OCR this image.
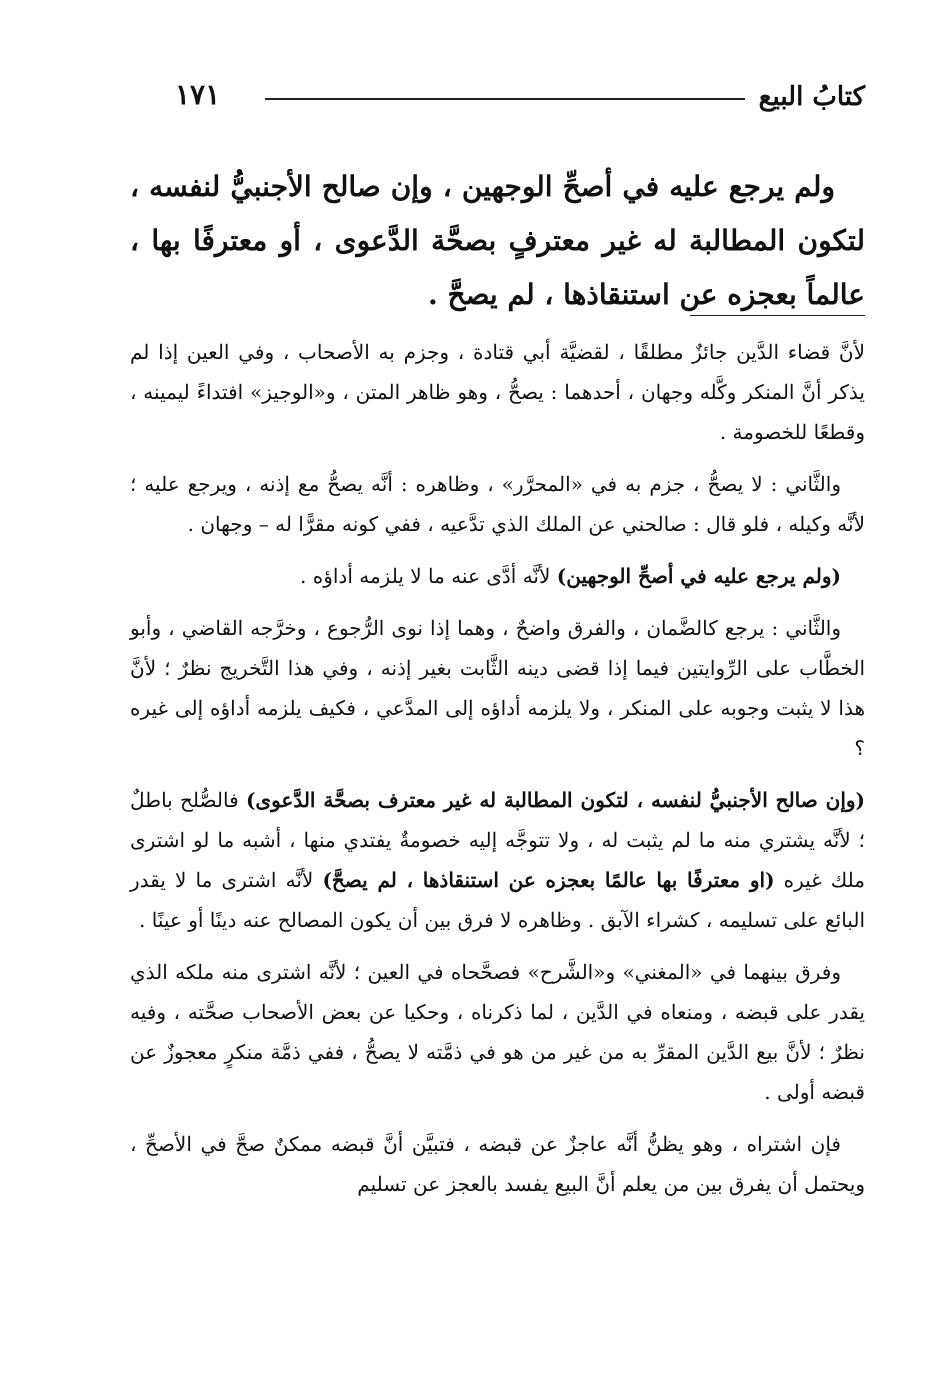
كتابُ البيع
١٧١

ولم يرجع عليه في أصحِّ الوجهين ، وإن صالح الأجنبيُّ لنفسه ، لتكون المطالبة له غير معترفٍ بصحَّة الدَّعوى ، أو معترفًا بها ، عالماً بعجزه عن استنقاذها ، لم يصحَّ .

لأنَّ قضاء الدَّين جائزٌ مطلقًا ، لقضيَّة أبي قتادة ، وجزم به الأصحاب ، وفي العين إذا لم يذكر أنَّ المنكر وكَّله وجهان ، أحدهما : يصحُّ ، وهو ظاهر المتن ، و«الوجيز» افتداءً ليمينه ، وقطعًا للخصومة .

والثَّاني : لا يصحُّ ، جزم به في «المحرَّر» ، وظاهره : أنَّه يصحُّ مع إذنه ، ويرجع عليه ؛ لأنَّه وكيله ، فلو قال : صالحني عن الملك الذي تدَّعيه ، ففي كونه مقرًّا له – وجهان .

(ولم يرجع عليه في أصحِّ الوجهين) لأنَّه أدَّى عنه ما لا يلزمه أداؤه .

والثَّاني : يرجع كالضَّمان ، والفرق واضحٌ ، وهما إذا نوى الرُّجوع ، وخرَّجه القاضي ، وأبو الخطَّاب على الرِّوايتين فيما إذا قضى دينه الثَّابت بغير إذنه ، وفي هذا التَّخريج نظرٌ ؛ لأنَّ هذا لا يثبت وجوبه على المنكر ، ولا يلزمه أداؤه إلى المدَّعي ، فكيف يلزمه أداؤه إلى غيره ؟

(وإن صالح الأجنبيُّ لنفسه ، لتكون المطالبة له غير معترف بصحَّة الدَّعوى) فالصُّلح باطلٌ ؛ لأنَّه يشتري منه ما لم يثبت له ، ولا تتوجَّه إليه خصومةٌ يفتدي منها ، أشبه ما لو اشترى ملك غيره (او معترفًا بها عالمًا بعجزه عن استنقاذها ، لم يصحَّ) لأنَّه اشترى ما لا يقدر البائع على تسليمه ، كشراء الآبق . وظاهره لا فرق بين أن يكون المصالح عنه دينًا أو عينًا .

وفرق بينهما في «المغني» و«الشَّرح» فصحَّحاه في العين ؛ لأنَّه اشترى منه ملكه الذي يقدر على قبضه ، ومنعاه في الدَّين ، لما ذكرناه ، وحكيا عن بعض الأصحاب صحَّته ، وفيه نظرٌ ؛ لأنَّ بيع الدَّين المقرِّ به من غير من هو في ذمَّته لا يصحُّ ، ففي ذمَّة منكرٍ معجوزٌ عن قبضه أولى .

فإن اشتراه ، وهو يظنُّ أنَّه عاجزٌ عن قبضه ، فتبيَّن أنَّ قبضه ممكنٌ صحَّ في الأصحِّ ، ويحتمل أن يفرق بين من يعلم أنَّ البيع يفسد بالعجز عن تسليم
